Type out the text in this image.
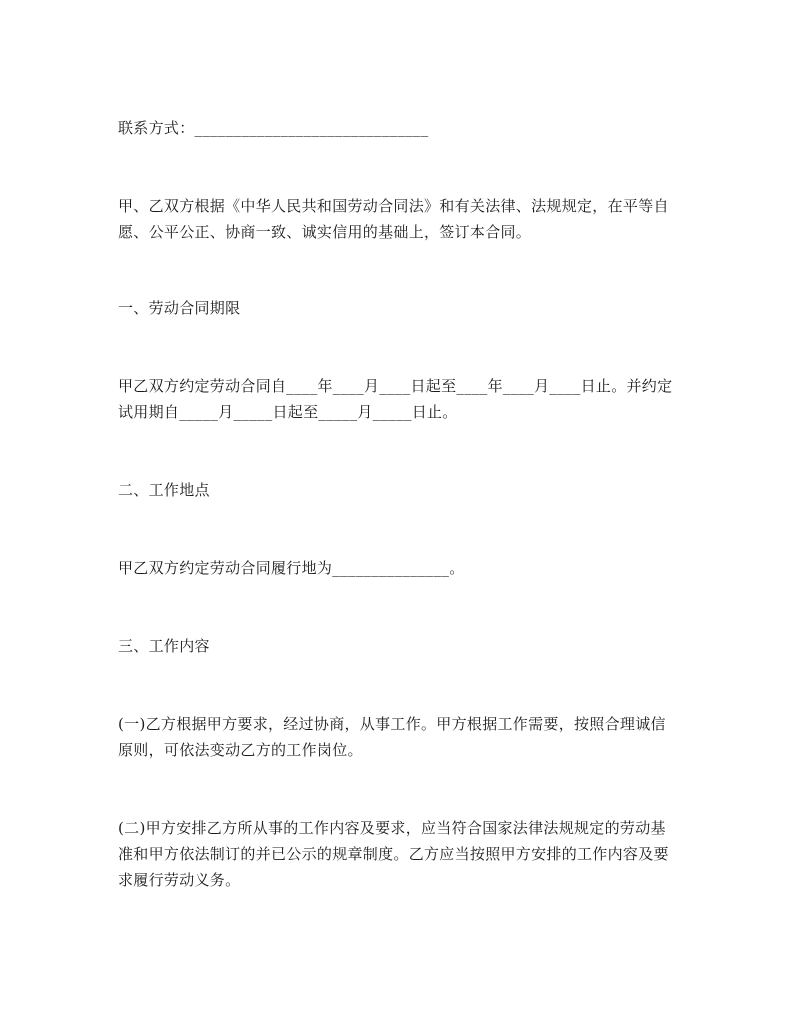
联系方式：______________________________

甲、乙双方根据《中华人民共和国劳动合同法》和有关法律、法规规定，在平等自
愿、公平公正、协商一致、诚实信用的基础上，签订本合同。

一、劳动合同期限

甲乙双方约定劳动合同自____年____月____日起至____年____月____日止。并约定
试用期自_____月_____日起至_____月_____日止。

二、工作地点

甲乙双方约定劳动合同履行地为_______________。

三、工作内容

(一)乙方根据甲方要求，经过协商，从事工作。甲方根据工作需要，按照合理诚信
原则，可依法变动乙方的工作岗位。

(二)甲方安排乙方所从事的工作内容及要求，应当符合国家法律法规规定的劳动基
准和甲方依法制订的并已公示的规章制度。乙方应当按照甲方安排的工作内容及要
求履行劳动义务。
